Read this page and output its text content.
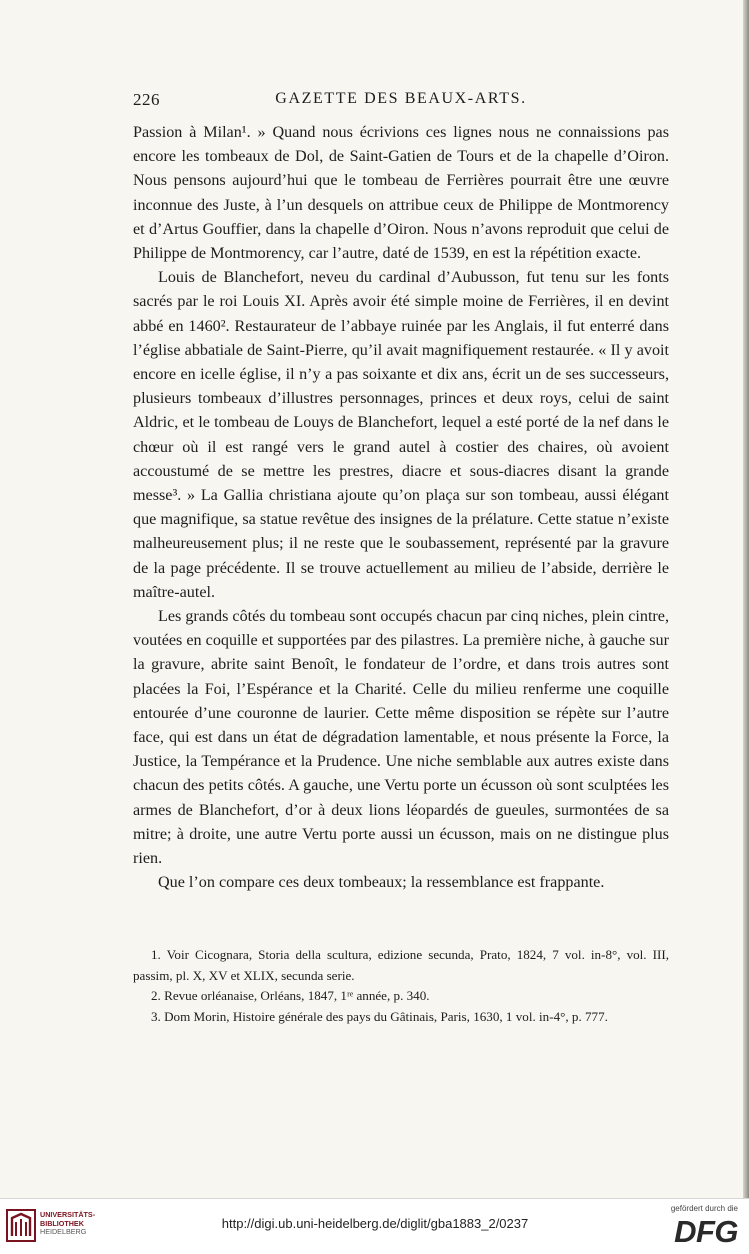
226	GAZETTE DES BEAUX-ARTS.

Passion à Milan¹. » Quand nous écrivions ces lignes nous ne connaissions pas encore les tombeaux de Dol, de Saint-Gatien de Tours et de la chapelle d’Oiron. Nous pensons aujourd’hui que le tombeau de Ferrières pourrait être une œuvre inconnue des Juste, à l’un desquels on attribue ceux de Philippe de Montmorency et d’Artus Gouffier, dans la chapelle d’Oiron. Nous n’avons reproduit que celui de Philippe de Montmorency, car l’autre, daté de 1539, en est la répétition exacte.

Louis de Blanchefort, neveu du cardinal d’Aubusson, fut tenu sur les fonts sacrés par le roi Louis XI. Après avoir été simple moine de Ferrières, il en devint abbé en 1460². Restaurateur de l’abbaye ruinée par les Anglais, il fut enterré dans l’église abbatiale de Saint-Pierre, qu’il avait magnifiquement restaurée. « Il y avoit encore en icelle église, il n’y a pas soixante et dix ans, écrit un de ses successeurs, plusieurs tombeaux d’illustres personnages, princes et deux roys, celui de saint Aldric, et le tombeau de Louys de Blanchefort, lequel a esté porté de la nef dans le chœur où il est rangé vers le grand autel à costier des chaires, où avoient accoustumé de se mettre les prestres, diacre et sous-diacres disant la grande messe³. » La Gallia christiana ajoute qu’on plaça sur son tombeau, aussi élégant que magnifique, sa statue revêtue des insignes de la prélature. Cette statue n’existe malheureusement plus; il ne reste que le soubassement, représenté par la gravure de la page précédente. Il se trouve actuellement au milieu de l’abside, derrière le maître-autel.

Les grands côtés du tombeau sont occupés chacun par cinq niches, plein cintre, voutées en coquille et supportées par des pilastres. La première niche, à gauche sur la gravure, abrite saint Benoît, le fondateur de l’ordre, et dans trois autres sont placées la Foi, l’Espérance et la Charité. Celle du milieu renferme une coquille entourée d’une couronne de laurier. Cette même disposition se répète sur l’autre face, qui est dans un état de dégradation lamentable, et nous présente la Force, la Justice, la Tempérance et la Prudence. Une niche semblable aux autres existe dans chacun des petits côtés. A gauche, une Vertu porte un écusson où sont sculptées les armes de Blanchefort, d’or à deux lions léopardés de gueules, surmontées de sa mitre; à droite, une autre Vertu porte aussi un écusson, mais on ne distingue plus rien.

Que l’on compare ces deux tombeaux; la ressemblance est frappante.

1. Voir Cicognara, Storia della scultura, edizione secunda, Prato, 1824, 7 vol. in-8°, vol. III, passim, pl. X, XV et XLIX, secunda serie.

2. Revue orléanaise, Orléans, 1847, 1ʳᵉ année, p. 340.

3. Dom Morin, Histoire générale des pays du Gâtinais, Paris, 1630, 1 vol. in-4°, p. 777.

UNIVERSITÄTS-
BIBLIOTHEK
HEIDELBERG
http://digi.ub.uni-heidelberg.de/diglit/gba1883_2/0237
gefördert durch die
DFG
